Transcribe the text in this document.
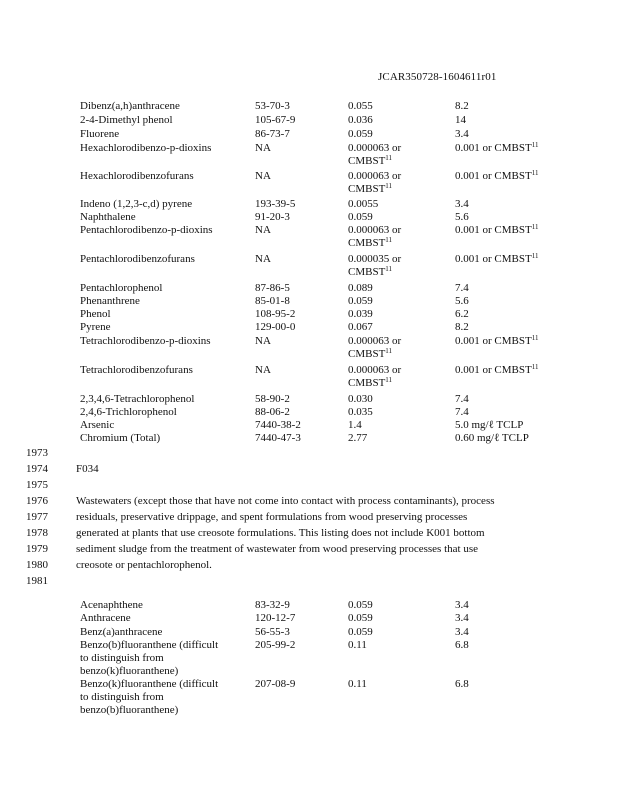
JCAR350728-1604611r01
Dibenz(a,h)anthracene	53-70-3	0.055	8.2
2-4-Dimethyl phenol	105-67-9	0.036	14
Fluorene	86-73-7	0.059	3.4
Hexachlorodibenzo-p-dioxins	NA	0.000063 or	0.001 or CMBST$^{11}$
CMBST$^{11}$
Hexachlorodibenzofurans	NA	0.000063 or	0.001 or CMBST$^{11}$
CMBST$^{11}$
Indeno (1,2,3-c,d) pyrene	193-39-5	0.0055	3.4
Naphthalene	91-20-3	0.059	5.6
Pentachlorodibenzo-p-dioxins	NA	0.000063 or	0.001 or CMBST$^{11}$
CMBST$^{11}$
Pentachlorodibenzofurans	NA	0.000035 or	0.001 or CMBST$^{11}$
CMBST$^{11}$
Pentachlorophenol	87-86-5	0.089	7.4
Phenanthrene	85-01-8	0.059	5.6
Phenol	108-95-2	0.039	6.2
Pyrene	129-00-0	0.067	8.2
Tetrachlorodibenzo-p-dioxins	NA	0.000063 or	0.001 or CMBST$^{11}$
CMBST$^{11}$
Tetrachlorodibenzofurans	NA	0.000063 or	0.001 or CMBST$^{11}$
CMBST$^{11}$
2,3,4,6-Tetrachlorophenol	58-90-2	0.030	7.4
2,4,6-Trichlorophenol	88-06-2	0.035	7.4
Arsenic	7440-38-2	1.4	5.0 mg/ℓ TCLP
Chromium (Total)	7440-47-3	2.77	0.60 mg/ℓ TCLP
1973
1974
1975
1976
1977
1978
1979
1980
1981
F034
Wastewaters (except those that have not come into contact with process contaminants), process
residuals, preservative drippage, and spent formulations from wood preserving processes
generated at plants that use creosote formulations. This listing does not include K001 bottom
sediment sludge from the treatment of wastewater from wood preserving processes that use
creosote or pentachlorophenol.
Acenaphthene	83-32-9	0.059	3.4
Anthracene	120-12-7	0.059	3.4
Benz(a)anthracene	56-55-3	0.059	3.4
Benzo(b)fluoranthene (difficult	205-99-2	0.11	6.8
to distinguish from
benzo(k)fluoranthene)
Benzo(k)fluoranthene (difficult	207-08-9	0.11	6.8
to distinguish from
benzo(b)fluoranthene)
